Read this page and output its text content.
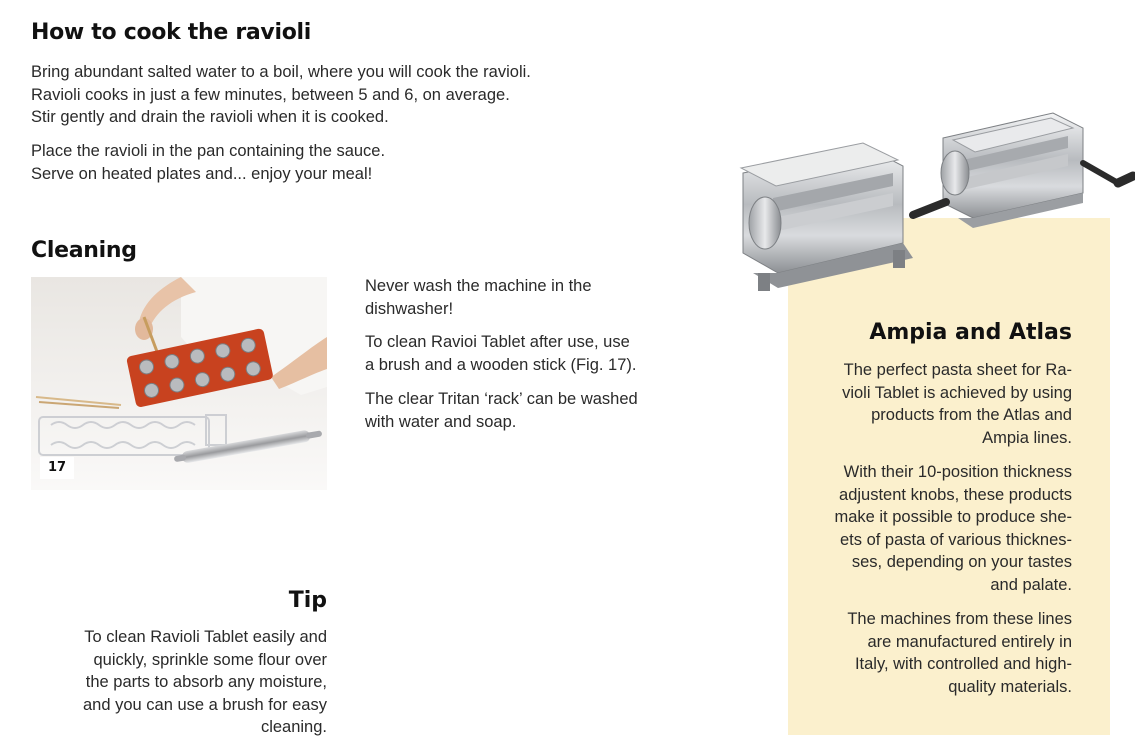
How to cook the ravioli

Bring abundant salted water to a boil, where you will cook the ravioli.
Ravioli cooks in just a few minutes, between 5 and 6, on average.
Stir gently and drain the ravioli when it is cooked.

Place the ravioli in the pan containing the sauce.
Serve on heated plates and... enjoy your meal!

Cleaning
17

Never wash the machine in the
dishwasher!

To clean Ravioi Tablet after use, use
a brush and a wooden stick (Fig. 17).

The clear Tritan ‘rack’ can be washed
with water and soap.

Tip

To clean Ravioli Tablet easily and
quickly, sprinkle some flour over
the parts to absorb any moisture,
and you can use a brush for easy
cleaning.

Ampia and Atlas

The perfect pasta sheet for Ra-
violi Tablet is achieved by using
products from the Atlas and
Ampia lines.

With their 10-position thickness
adjustent knobs, these products
make it possible to produce she-
ets of pasta of various thicknes-
ses, depending on your tastes
and palate.

The machines from these lines
are manufactured entirely in
Italy, with controlled and high-
quality materials.
